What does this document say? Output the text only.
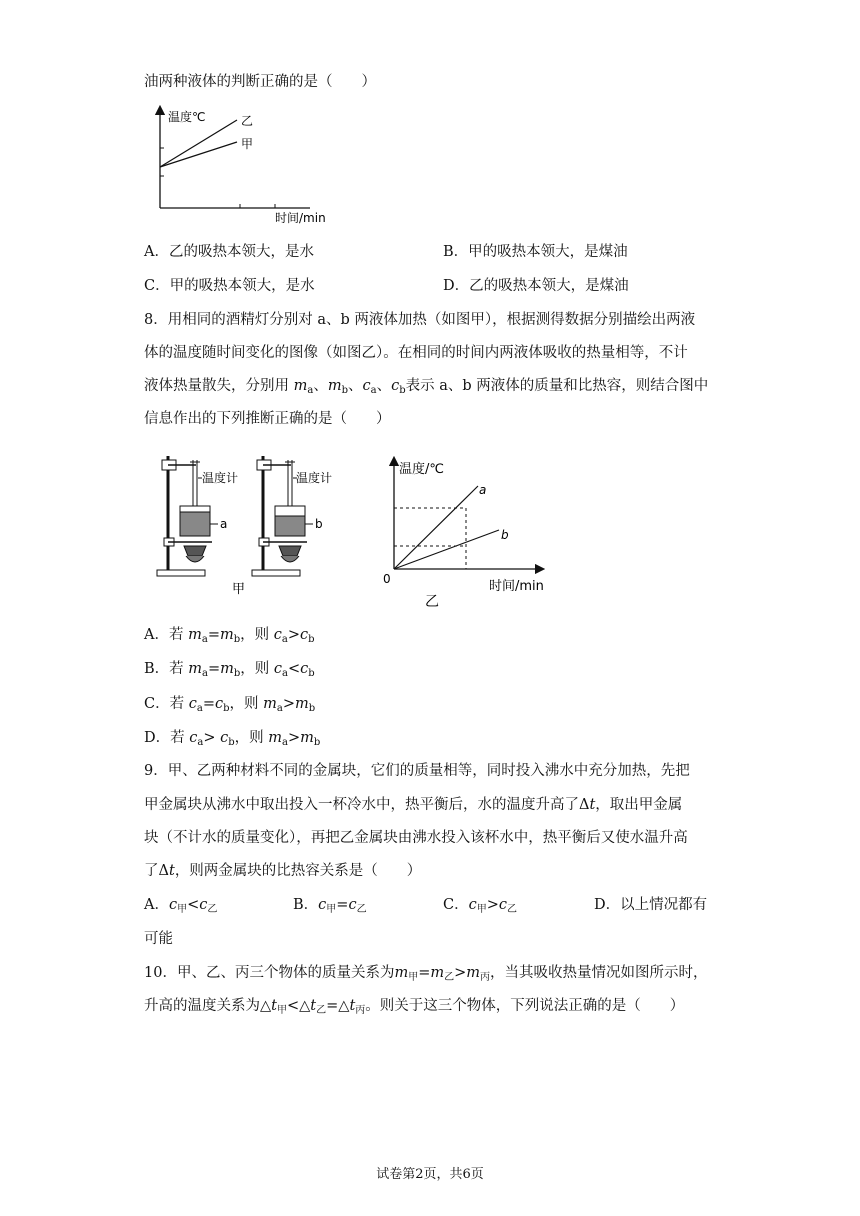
油两种液体的判断正确的是（　　）
温度℃	乙
甲
时间/min
A．乙的吸热本领大，是水	B．甲的吸热本领大，是煤油
C．甲的吸热本领大，是水	D．乙的吸热本领大，是煤油
8．用相同的酒精灯分别对 a、b 两液体加热（如图甲），根据测得数据分别描绘出两液
体的温度随时间变化的图像（如图乙）。在相同的时间内两液体吸收的热量相等，不计
液体热量散失，分别用 $m_a$、$m_b$、$c_a$、$c_b$表示 a、b 两液体的质量和比热容，则结合图中
信息作出的下列推断正确的是（　　）
温度计
a
温度计
b
甲
温度/℃
a
b
0	时间/min
乙
A．若 $m_a=m_b$，则 $c_a>c_b$
B．若 $m_a=m_b$，则 $c_a<c_b$
C．若 $c_a=c_b$，则 $m_a>m_b$
D．若 $c_a> c_b$，则 $m_a>m_b$
9．甲、乙两种材料不同的金属块，它们的质量相等，同时投入沸水中充分加热，先把
甲金属块从沸水中取出投入一杯冷水中，热平衡后，水的温度升高了Δt，取出甲金属
块（不计水的质量变化），再把乙金属块由沸水投入该杯水中，热平衡后又使水温升高
了Δt，则两金属块的比热容关系是（　　）
A．$c_甲<c_乙$	B．$c_甲=c_乙$	C．$c_甲>c_乙$	D．以上情况都有
可能
10．甲、乙、丙三个物体的质量关系为$m_甲=m_乙>m_丙$，当其吸收热量情况如图所示时，
升高的温度关系为$\triangle t_甲<\triangle t_乙=\triangle t_丙$。则关于这三个物体，下列说法正确的是（　　）
试卷第2页，共6页
